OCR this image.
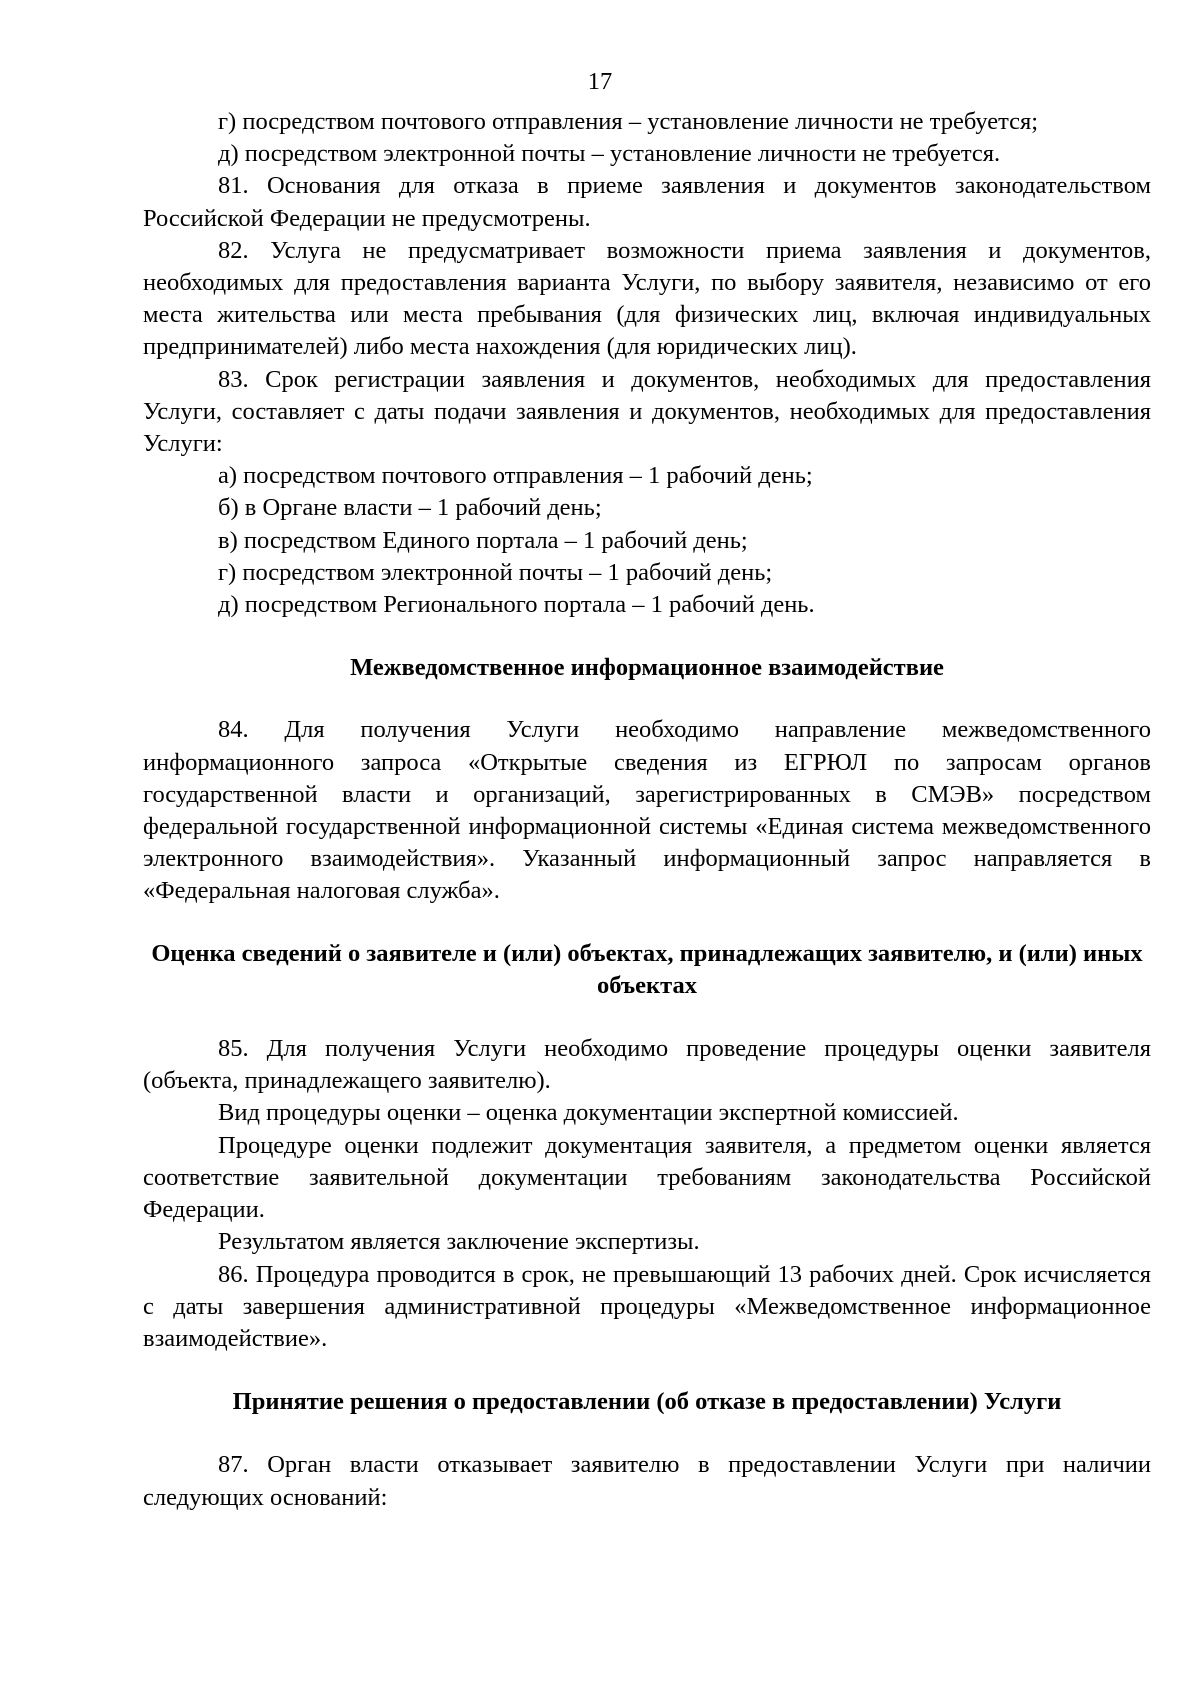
17

г) посредством почтового отправления – установление личности не требуется;

д) посредством электронной почты – установление личности не требуется.

81. Основания для отказа в приеме заявления и документов законодательством Российской Федерации не предусмотрены.

82. Услуга не предусматривает возможности приема заявления и документов, необходимых для предоставления варианта Услуги, по выбору заявителя, независимо от его места жительства или места пребывания (для физических лиц, включая индивидуальных предпринимателей) либо места нахождения (для юридических лиц).

83. Срок регистрации заявления и документов, необходимых для предоставления Услуги, составляет с даты подачи заявления и документов, необходимых для предоставления Услуги:

а) посредством почтового отправления – 1 рабочий день;

б) в Органе власти – 1 рабочий день;

в) посредством Единого портала – 1 рабочий день;

г) посредством электронной почты – 1 рабочий день;

д) посредством Регионального портала – 1 рабочий день.

Межведомственное информационное взаимодействие

84. Для получения Услуги необходимо направление межведомственного информационного запроса «Открытые сведения из ЕГРЮЛ по запросам органов государственной власти и организаций, зарегистрированных в СМЭВ» посредством федеральной государственной информационной системы «Единая система межведомственного электронного взаимодействия». Указанный информационный запрос направляется в «Федеральная налоговая служба».

Оценка сведений о заявителе и (или) объектах, принадлежащих заявителю, и (или) иных объектах

85. Для получения Услуги необходимо проведение процедуры оценки заявителя (объекта, принадлежащего заявителю).

Вид процедуры оценки – оценка документации экспертной комиссией.

Процедуре оценки подлежит документация заявителя, а предметом оценки является соответствие заявительной документации требованиям законодательства Российской Федерации.

Результатом является заключение экспертизы.

86. Процедура проводится в срок, не превышающий 13 рабочих дней. Срок исчисляется с даты завершения административной процедуры «Межведомственное информационное взаимодействие».

Принятие решения о предоставлении (об отказе в предоставлении) Услуги

87. Орган власти отказывает заявителю в предоставлении Услуги при наличии следующих оснований:
